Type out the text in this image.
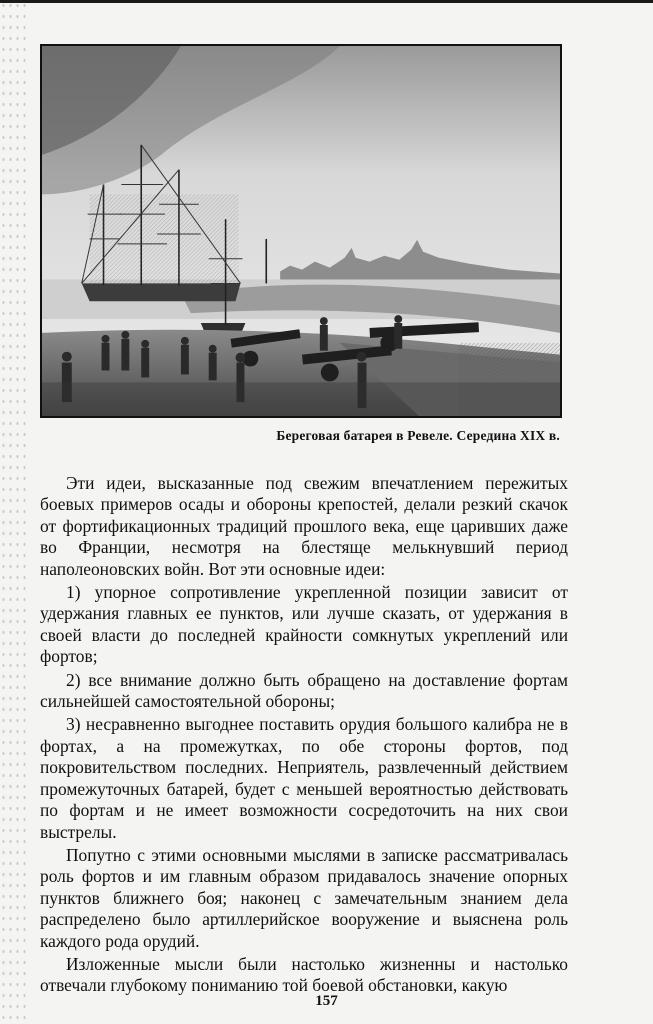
Береговая батарея в Ревеле. Середина XIX в.

Эти идеи, высказанные под свежим впечатлением пережитых боевых примеров осады и обороны крепостей, делали резкий скачок от фортификационных традиций прошлого века, еще царивших даже во Франции, несмотря на блестяще мелькнувший период наполеоновских войн. Вот эти основные идеи:

1) упорное сопротивление укрепленной позиции зависит от удержания главных ее пунктов, или лучше сказать, от удержания в своей власти до последней крайности сомкнутых укреплений или фортов;

2) все внимание должно быть обращено на доставление фортам сильнейшей самостоятельной обороны;

3) несравненно выгоднее поставить орудия большого калибра не в фортах, а на промежутках, по обе стороны фортов, под покровительством последних. Неприятель, развлеченный действием промежуточных батарей, будет с меньшей вероятностью действовать по фортам и не имеет возможности сосредоточить на них свои выстрелы.

Попутно с этими основными мыслями в записке рассматривалась роль фортов и им главным образом придавалось значение опорных пунктов ближнего боя; наконец с замечательным знанием дела распределено было артиллерийское вооружение и выяснена роль каждого рода орудий.

Изложенные мысли были настолько жизненны и настолько отвечали глубокому пониманию той боевой обстановки, какую

157
